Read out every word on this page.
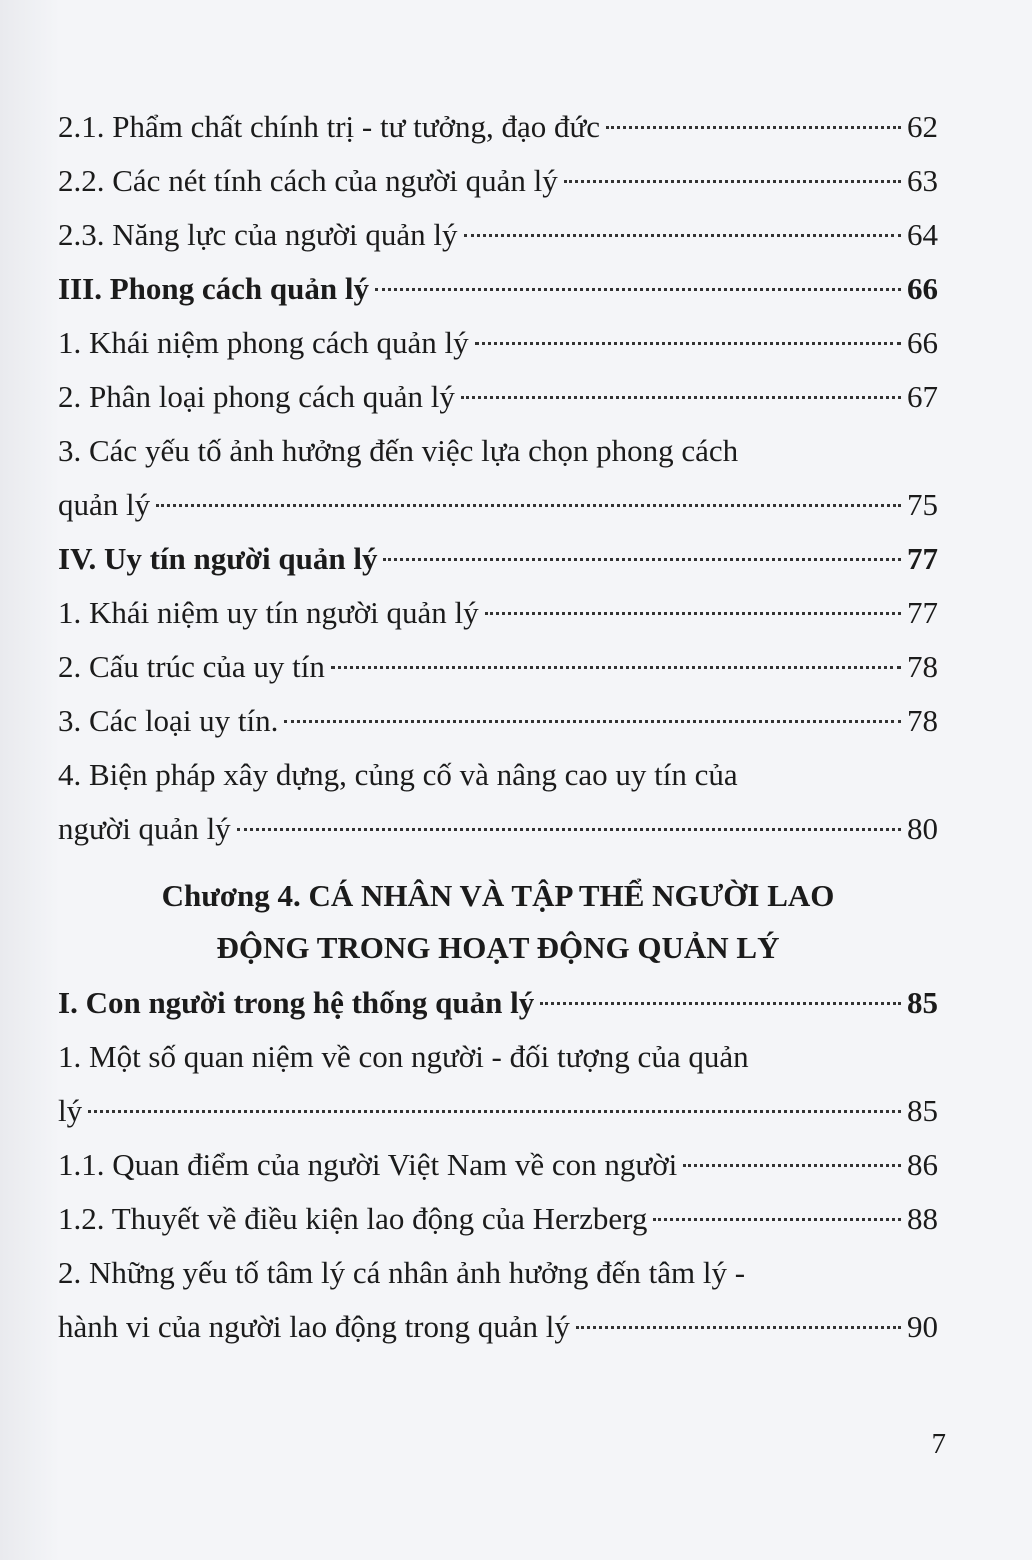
2.1. Phẩm chất chính trị - tư tưởng, đạo đức	62
2.2. Các nét tính cách của người quản lý	63
2.3. Năng lực của người quản lý	64
III. Phong cách quản lý	66
1. Khái niệm phong cách quản lý	66
2. Phân loại phong cách quản lý	67
3. Các yếu tố ảnh hưởng đến việc lựa chọn phong cách
quản lý	75
IV. Uy tín người quản lý	77
1. Khái niệm uy tín người quản lý	77
2. Cấu trúc của uy tín	78
3. Các loại uy tín.	78
4. Biện pháp xây dựng, củng cố và nâng cao uy tín của
người quản lý	80
Chương 4. CÁ NHÂN VÀ TẬP THỂ NGƯỜI LAO
ĐỘNG TRONG HOẠT ĐỘNG QUẢN LÝ
I. Con người trong hệ thống quản lý	85
1. Một số quan niệm về con người - đối tượng của quản
lý	85
1.1. Quan điểm của người Việt Nam về con người	86
1.2. Thuyết về điều kiện lao động của Herzberg	88
2. Những yếu tố tâm lý cá nhân ảnh hưởng đến tâm lý -
hành vi của người lao động trong quản lý	90
7
